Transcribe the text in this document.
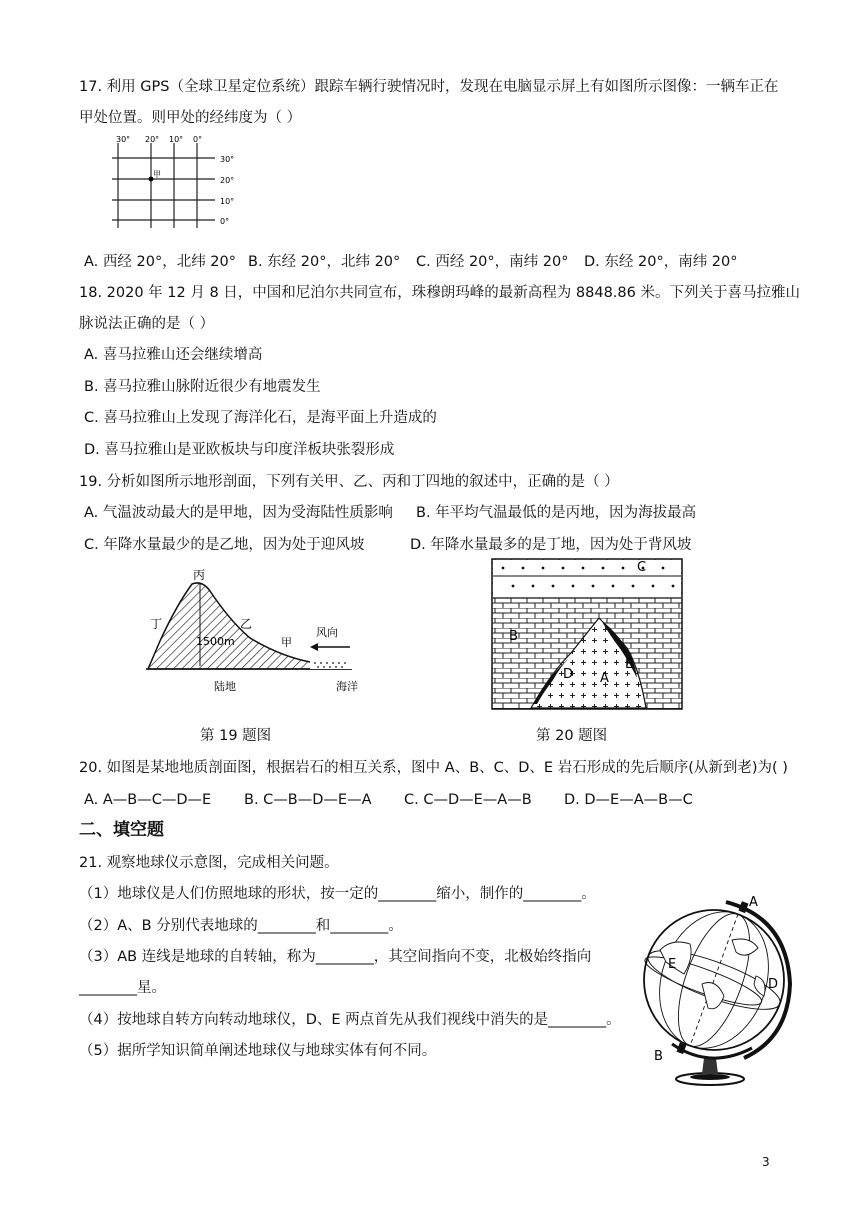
17. 利用 GPS（全球卫星定位系统）跟踪车辆行驶情况时，发现在电脑显示屏上有如图所示图像：一辆车正在
甲处位置。则甲处的经纬度为（ ）
30° 20° 10° 0°
30°
20°
10°
0°
甲
A. 西经 20°，北纬 20° B. 东经 20°，北纬 20° C. 西经 20°，南纬 20° D. 东经 20°，南纬 20°
18. 2020 年 12 月 8 日，中国和尼泊尔共同宣布，珠穆朗玛峰的最新高程为 8848.86 米。下列关于喜马拉雅山
脉说法正确的是（ ）
A. 喜马拉雅山还会继续增高
B. 喜马拉雅山脉附近很少有地震发生
C. 喜马拉雅山上发现了海洋化石，是海平面上升造成的
D. 喜马拉雅山是亚欧板块与印度洋板块张裂形成
19. 分析如图所示地形剖面，下列有关甲、乙、丙和丁四地的叙述中，正确的是（ ）
A. 气温波动最大的是甲地，因为受海陆性质影响 B. 年平均气温最低的是丙地，因为海拔最高
C. 年降水量最少的是乙地，因为处于迎风坡	D. 年降水量最多的是丁地，因为处于背风坡
丙
丁	乙
甲
1500m
风向
陆地	海洋
第 19 题图
C
B
D A
E
第 20 题图
20. 如图是某地地质剖面图，根据岩石的相互关系，图中 A、B、C、D、E 岩石形成的先后顺序(从新到老)为( )
A. A—B—C—D—E B. C—B—D—E—A C. C—D—E—A—B D. D—E—A—B—C
二、填空题
21. 观察地球仪示意图，完成相关问题。
（1）地球仪是人们仿照地球的形状，按一定的________缩小，制作的________。
（2）A、B 分别代表地球的________和________。
（3）AB 连线是地球的自转轴，称为________，其空间指向不变，北极始终指向
________星。
（4）按地球自转方向转动地球仪，D、E 两点首先从我们视线中消失的是________。
（5）据所学知识简单阐述地球仪与地球实体有何不同。
A
B
D
E
3
